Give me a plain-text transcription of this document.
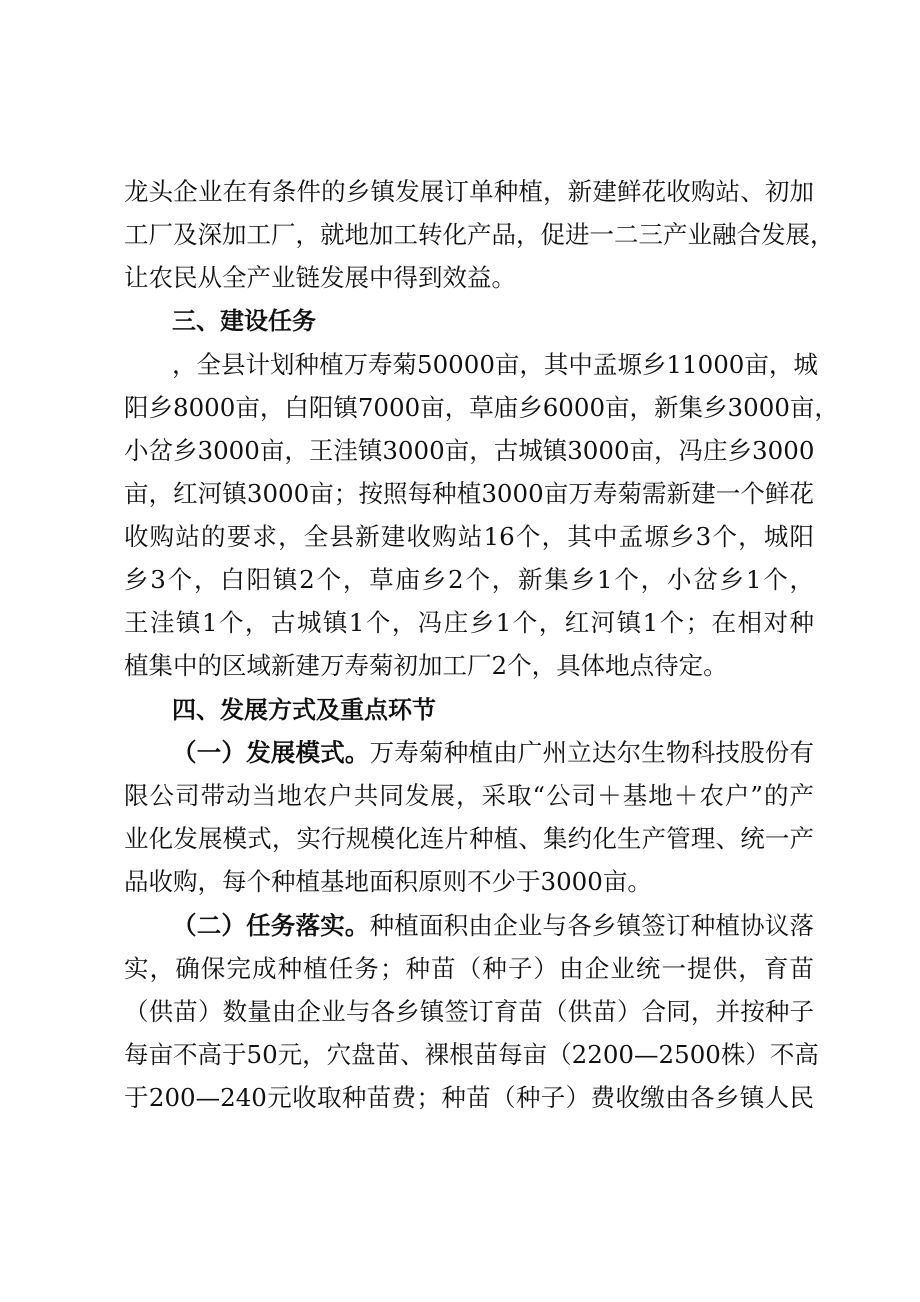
龙头企业在有条件的乡镇发展订单种植，新建鲜花收购站、初加
工厂及深加工厂，就地加工转化产品，促进一二三产业融合发展，
让农民从全产业链发展中得到效益。
三、建设任务
，全县计划种植万寿菊50000亩，其中孟塬乡11000亩，城
阳乡8000亩，白阳镇7000亩，草庙乡6000亩，新集乡3000亩，
小岔乡3000亩，王洼镇3000亩，古城镇3000亩，冯庄乡3000
亩，红河镇3000亩；按照每种植3000亩万寿菊需新建一个鲜花
收购站的要求，全县新建收购站16个，其中孟塬乡3个，城阳
乡3个，白阳镇2个，草庙乡2个，新集乡1个，小岔乡1个，
王洼镇1个，古城镇1个，冯庄乡1个，红河镇1个；在相对种
植集中的区域新建万寿菊初加工厂2个，具体地点待定。
四、发展方式及重点环节
（一）发展模式。万寿菊种植由广州立达尔生物科技股份有
限公司带动当地农户共同发展，采取“公司＋基地＋农户”的产
业化发展模式，实行规模化连片种植、集约化生产管理、统一产
品收购，每个种植基地面积原则不少于3000亩。
（二）任务落实。种植面积由企业与各乡镇签订种植协议落
实，确保完成种植任务；种苗（种子）由企业统一提供，育苗
（供苗）数量由企业与各乡镇签订育苗（供苗）合同，并按种子
每亩不高于50元，穴盘苗、裸根苗每亩（2200—2500株）不高
于200—240元收取种苗费；种苗（种子）费收缴由各乡镇人民
